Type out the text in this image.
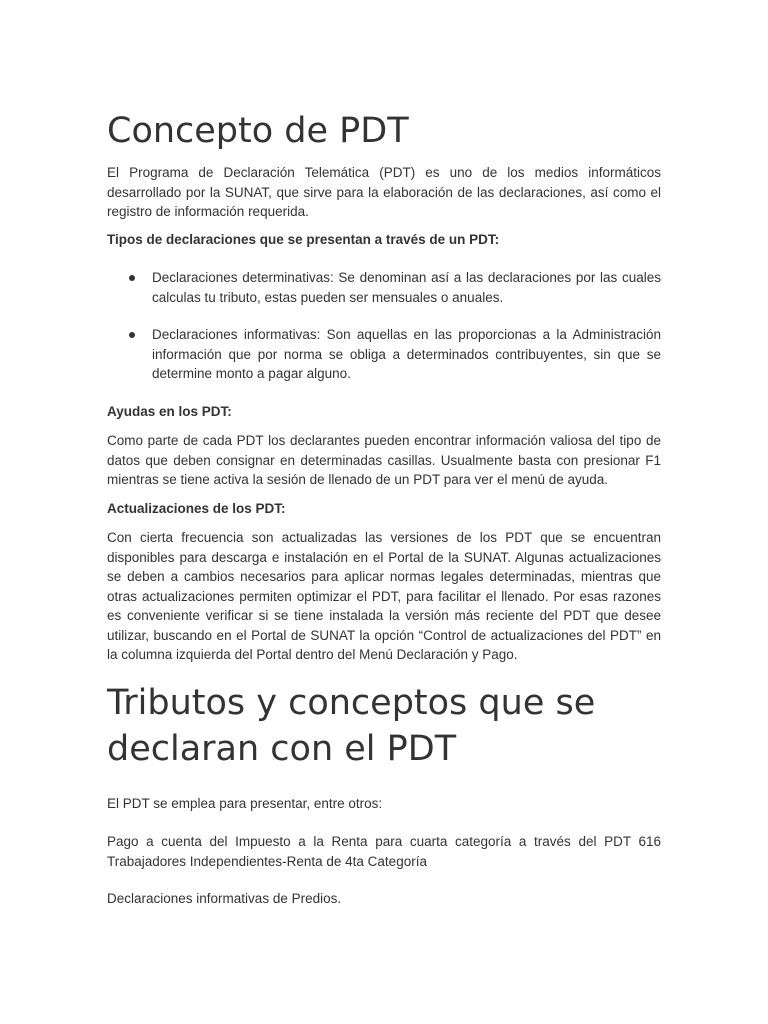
Concepto de PDT

El Programa de Declaración Telemática (PDT) es uno de los medios informáticos desarrollado por la SUNAT, que sirve para la elaboración de las declaraciones, así como el registro de información requerida.

Tipos de declaraciones que se presentan a través de un PDT:

Declaraciones determinativas: Se denominan así a las declaraciones por las cuales calculas tu tributo, estas pueden ser mensuales o anuales.
Declaraciones informativas: Son aquellas en las proporcionas a la Administración información que por norma se obliga a determinados contribuyentes, sin que se determine monto a pagar alguno.

Ayudas en los PDT:

Como parte de cada PDT los declarantes pueden encontrar información valiosa del tipo de datos que deben consignar en determinadas casillas. Usualmente basta con presionar F1 mientras se tiene activa la sesión de llenado de un PDT para ver el menú de ayuda.

Actualizaciones de los PDT:

Con cierta frecuencia son actualizadas las versiones de los PDT que se encuentran disponibles para descarga e instalación en el Portal de la SUNAT. Algunas actualizaciones se deben a cambios necesarios para aplicar normas legales determinadas, mientras que otras actualizaciones permiten optimizar el PDT, para facilitar el llenado. Por esas razones es conveniente verificar si se tiene instalada la versión más reciente del PDT que desee utilizar, buscando en el Portal de SUNAT la opción “Control de actualizaciones del PDT” en la columna izquierda del Portal dentro del Menú Declaración y Pago.

Tributos y conceptos que se declaran con el PDT

El PDT se emplea para presentar, entre otros:

Pago a cuenta del Impuesto a la Renta para cuarta categoría a través del PDT 616 Trabajadores Independientes-Renta de 4ta Categoría

Declaraciones informativas de Predios.
